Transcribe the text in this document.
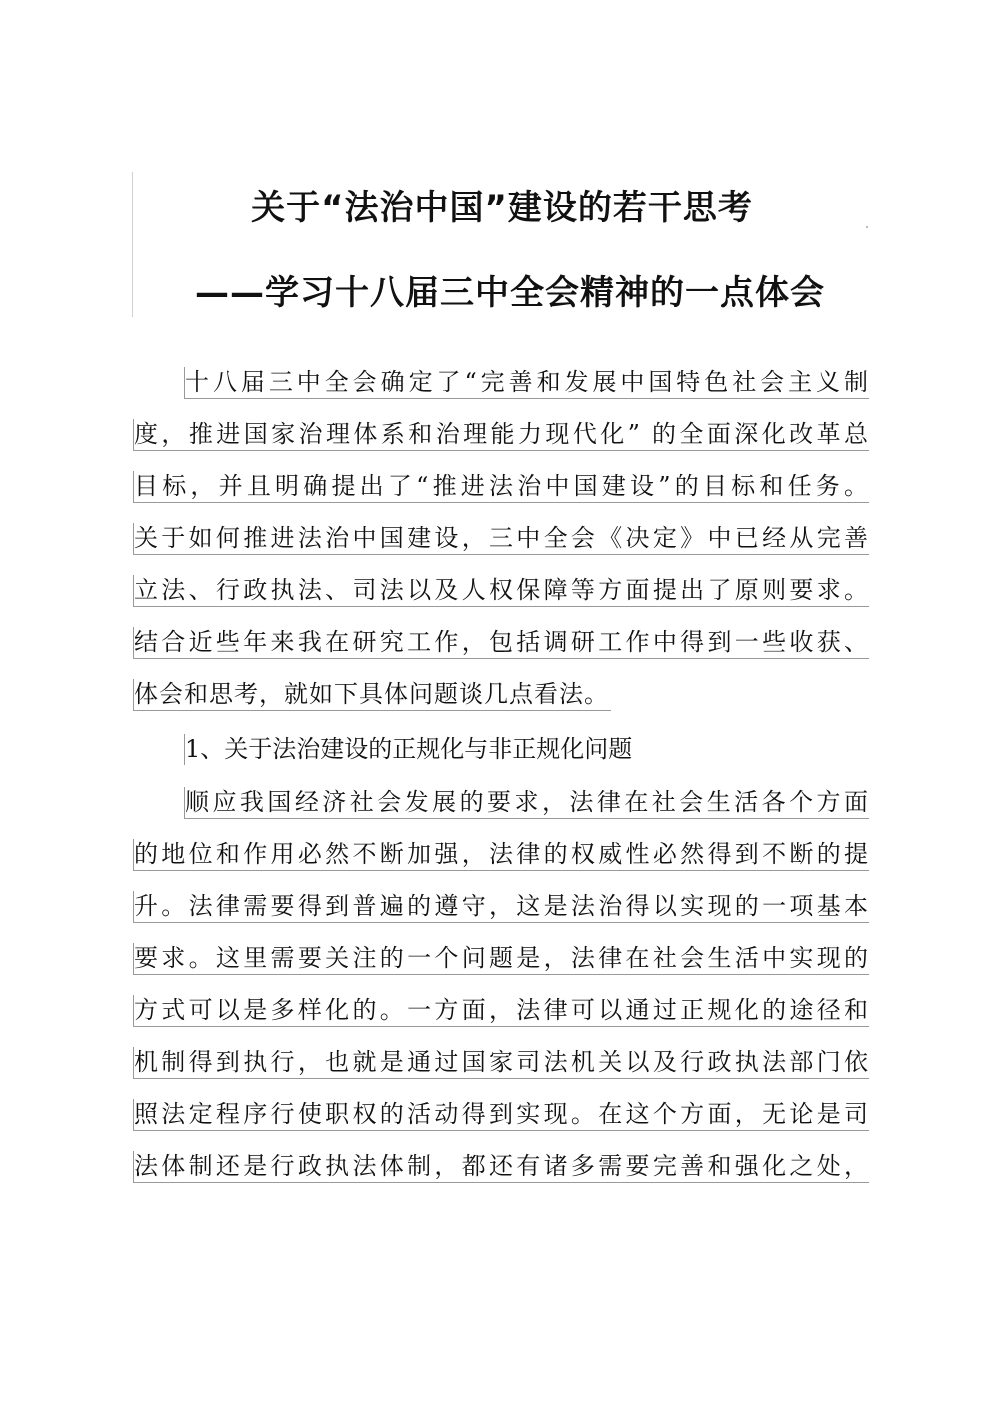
关于“法治中国”建设的若干思考
——学习十八届三中全会精神的一点体会
十八届三中全会确定了“完善和发展中国特色社会主义制
度，推进国家治理体系和治理能力现代化” 的全面深化改革总
目标，并且明确提出了“推进法治中国建设”的目标和任务。
关于如何推进法治中国建设，三中全会《决定》中已经从完善
立法、行政执法、司法以及人权保障等方面提出了原则要求。
结合近些年来我在研究工作，包括调研工作中得到一些收获、
体会和思考，就如下具体问题谈几点看法。
1、关于法治建设的正规化与非正规化问题
顺应我国经济社会发展的要求，法律在社会生活各个方面
的地位和作用必然不断加强，法律的权威性必然得到不断的提
升。法律需要得到普遍的遵守，这是法治得以实现的一项基本
要求。这里需要关注的一个问题是，法律在社会生活中实现的
方式可以是多样化的。一方面，法律可以通过正规化的途径和
机制得到执行，也就是通过国家司法机关以及行政执法部门依
照法定程序行使职权的活动得到实现。在这个方面，无论是司
法体制还是行政执法体制，都还有诸多需要完善和强化之处，
